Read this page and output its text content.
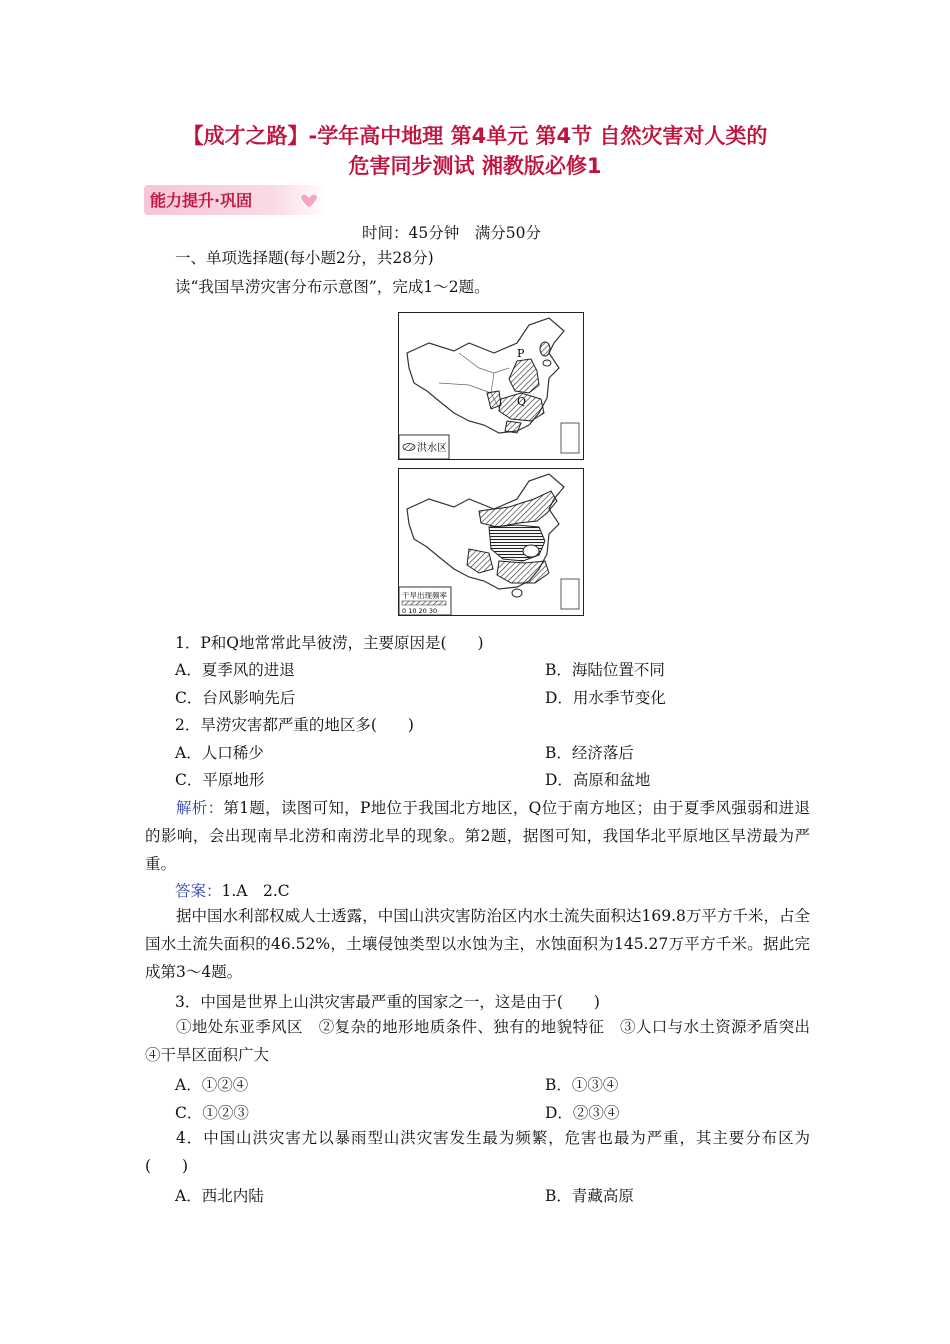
【成才之路】-学年高中地理 第4单元 第4节 自然灾害对人类的
危害同步测试 湘教版必修1
能力提升·巩固
时间：45分钟　满分50分
一、单项选择题(每小题2分，共28分)
读“我国旱涝灾害分布示意图”，完成1～2题。
P
Q
洪水区
干旱出现频率
0 10 20 30
1．P和Q地常常此旱彼涝，主要原因是(　　)
A．夏季风的进退	B．海陆位置不同
C．台风影响先后	D．用水季节变化
2．旱涝灾害都严重的地区多(　　)
A．人口稀少	B．经济落后
C．平原地形	D．高原和盆地
解析：第1题，读图可知，P地位于我国北方地区，Q位于南方地区；由于夏季风强弱和进退的影响，会出现南旱北涝和南涝北旱的现象。第2题，据图可知，我国华北平原地区旱涝最为严重。
答案：1.A　2.C
据中国水利部权威人士透露，中国山洪灾害防治区内水土流失面积达169.8万平方千米，占全国水土流失面积的46.52%，土壤侵蚀类型以水蚀为主，水蚀面积为145.27万平方千米。据此完成第3～4题。
3．中国是世界上山洪灾害最严重的国家之一，这是由于(　　)
①地处东亚季风区　②复杂的地形地质条件、独有的地貌特征　③人口与水土资源矛盾突出　④干旱区面积广大
A．①②④	B．①③④
C．①②③	D．②③④
4．中国山洪灾害尤以暴雨型山洪灾害发生最为频繁，危害也最为严重，其主要分布区为(　　)
A．西北内陆	B．青藏高原
